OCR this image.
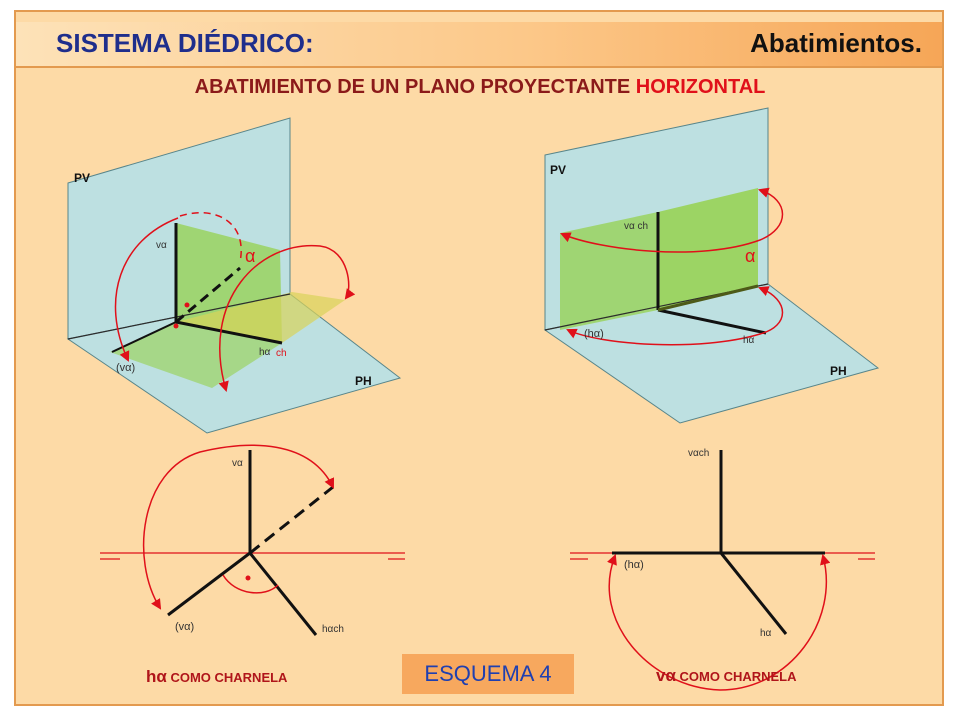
SISTEMA DIÉDRICO:	Abatimientos.
ABATIMIENTO DE UN PLANO PROYECTANTE HORIZONTAL
PV
PH
α
vα
hα ch
(vα)
PV
PH
α
vα ch
hα
(hα)
vα
(vα)	hαch
vαch
(hα)
hα
hα COMO CHARNELA	vα COMO CHARNELA
ESQUEMA 4
